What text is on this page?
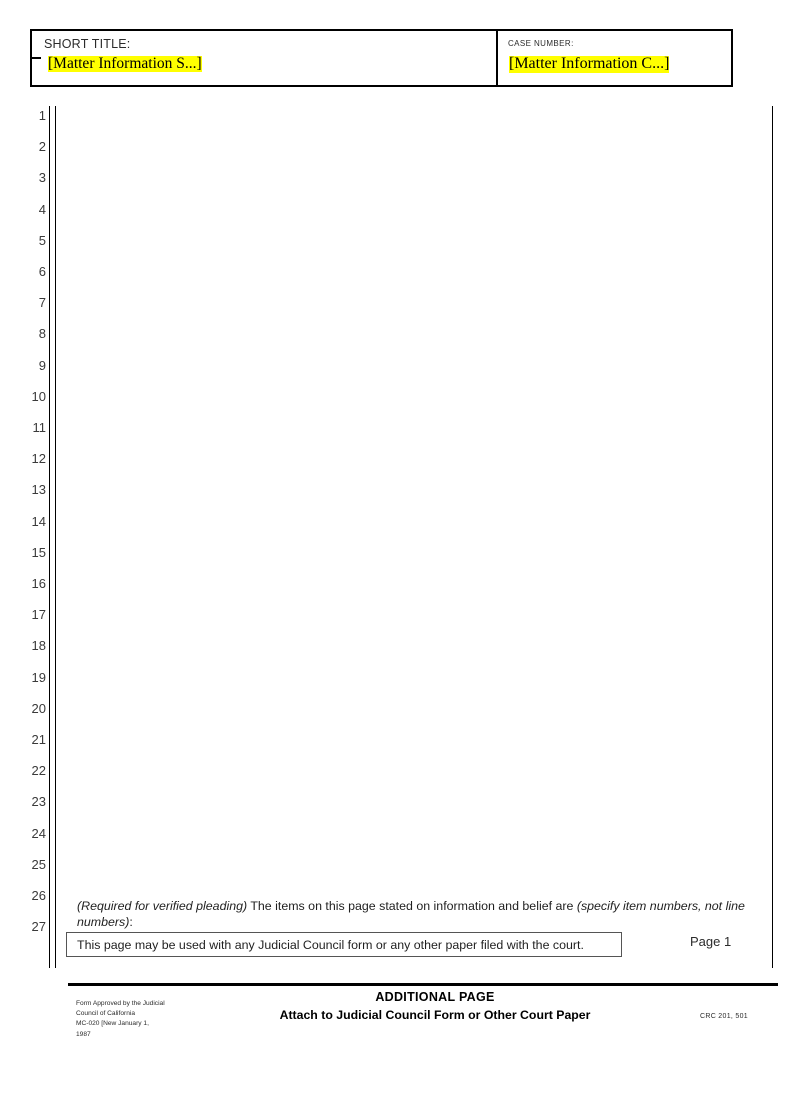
SHORT TITLE:
[Matter Information S...]
CASE NUMBER:
[Matter Information C...]
1
2
3
4
5
6
7
8
9
10
11
12
13
14
15
16
17
18
19
20
21
22
23
24
25
26
27
(Required for verified pleading) The items on this page stated on information and belief are (specify item numbers, not line numbers):
This page may be used with any Judicial Council form or any other paper filed with the court.	Page 1
Form Approved by the Judicial
Council of California
MC-020 [New January 1,
1987
ADDITIONAL PAGE
Attach to Judicial Council Form or Other Court Paper	CRC 201, 501
